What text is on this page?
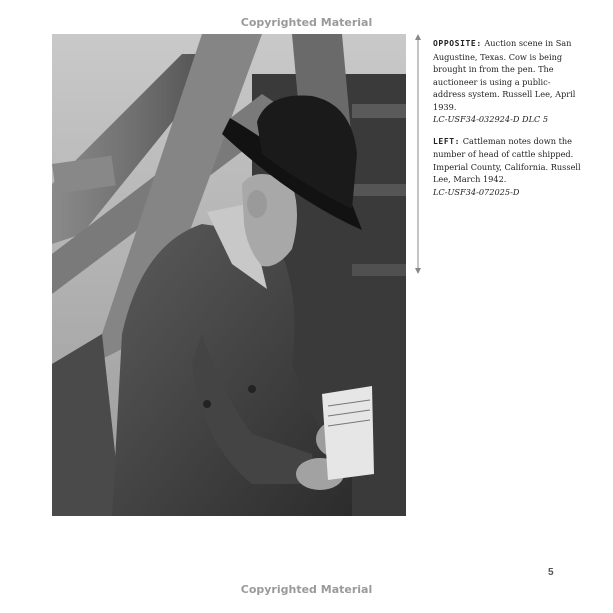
Copyrighted Material

OPPOSITE: Auction scene in San Augustine, Texas. Cow is being brought in from the pen. The auctioneer is using a public-address system. Russell Lee, April 1939.
LC-USF34-032924-D DLC 5

LEFT: Cattleman notes down the number of head of cattle shipped. Imperial County, California. Russell Lee, March 1942.
LC-USF34-072025-D

5
Copyrighted Material
